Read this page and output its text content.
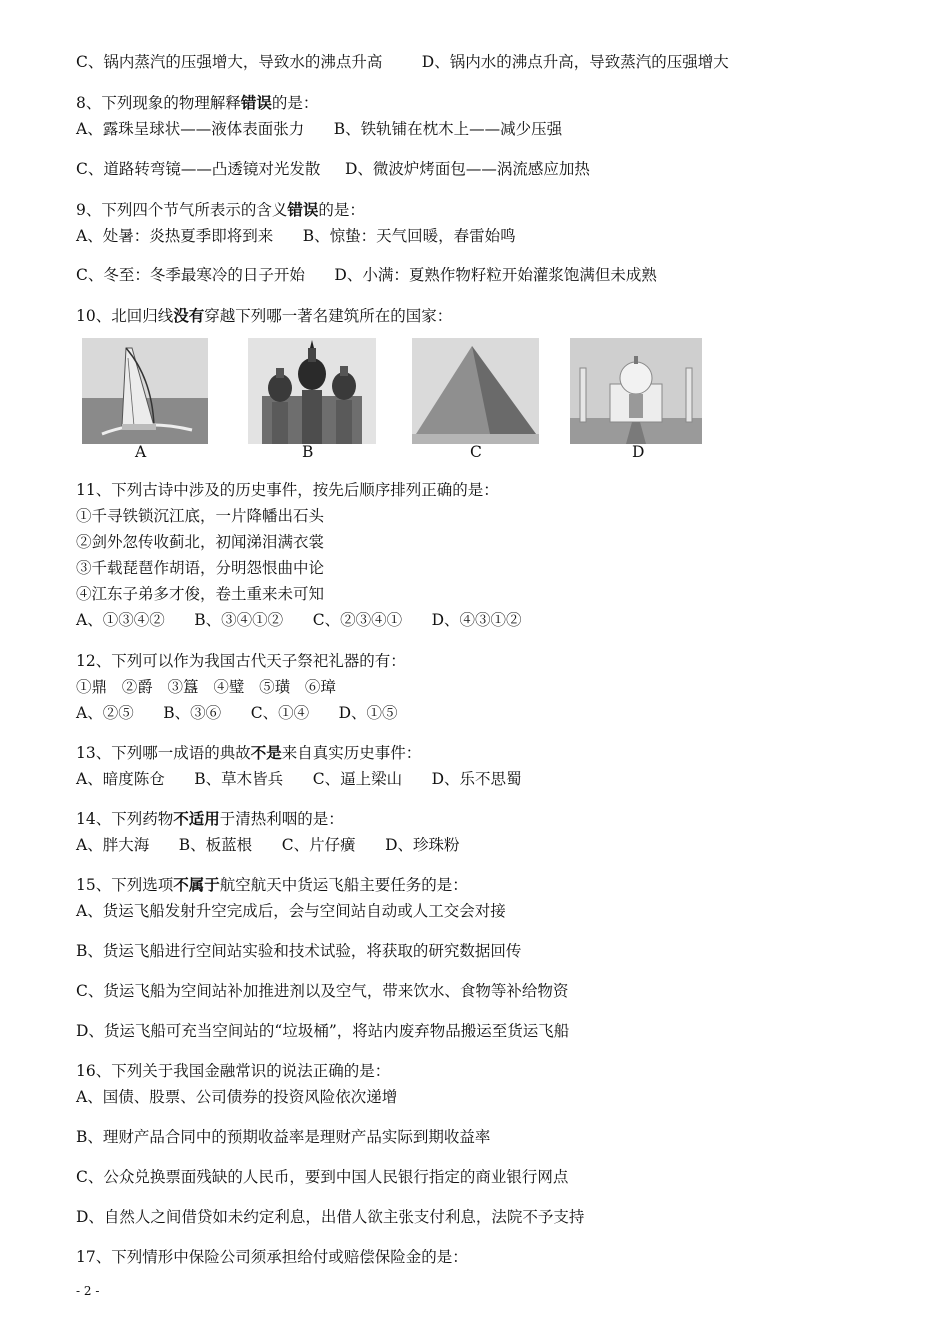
C、锅内蒸汽的压强增大，导致水的沸点升高        D、锅内水的沸点升高，导致蒸汽的压强增大
8、下列现象的物理解释错误的是：
A、露珠呈球状——液体表面张力      B、铁轨铺在枕木上——减少压强
C、道路转弯镜——凸透镜对光发散     D、微波炉烤面包——涡流感应加热
9、下列四个节气所表示的含义错误的是：
A、处暑：炎热夏季即将到来      B、惊蛰：天气回暖，春雷始鸣
C、冬至：冬季最寒冷的日子开始      D、小满：夏熟作物籽粒开始灌浆饱满但未成熟
10、北回归线没有穿越下列哪一著名建筑所在的国家：
A	B	C	D
11、下列古诗中涉及的历史事件，按先后顺序排列正确的是：
①千寻铁锁沉江底，一片降幡出石头
②剑外忽传收蓟北，初闻涕泪满衣裳
③千载琵琶作胡语，分明怨恨曲中论
④江东子弟多才俊，卷土重来未可知
A、①③④②      B、③④①②      C、②③④①      D、④③①②
12、下列可以作为我国古代天子祭祀礼器的有：
①鼎   ②爵   ③簋   ④璧   ⑤璜   ⑥璋
A、②⑤      B、③⑥      C、①④      D、①⑤
13、下列哪一成语的典故不是来自真实历史事件：
A、暗度陈仓      B、草木皆兵      C、逼上梁山      D、乐不思蜀
14、下列药物不适用于清热利咽的是：
A、胖大海      B、板蓝根      C、片仔癀      D、珍珠粉
15、下列选项不属于航空航天中货运飞船主要任务的是：
A、货运飞船发射升空完成后，会与空间站自动或人工交会对接
B、货运飞船进行空间站实验和技术试验，将获取的研究数据回传
C、货运飞船为空间站补加推进剂以及空气，带来饮水、食物等补给物资
D、货运飞船可充当空间站的“垃圾桶”，将站内废弃物品搬运至货运飞船
16、下列关于我国金融常识的说法正确的是：
A、国债、股票、公司债券的投资风险依次递增
B、理财产品合同中的预期收益率是理财产品实际到期收益率
C、公众兑换票面残缺的人民币，要到中国人民银行指定的商业银行网点
D、自然人之间借贷如未约定利息，出借人欲主张支付利息，法院不予支持
17、下列情形中保险公司须承担给付或赔偿保险金的是：
- 2 -
